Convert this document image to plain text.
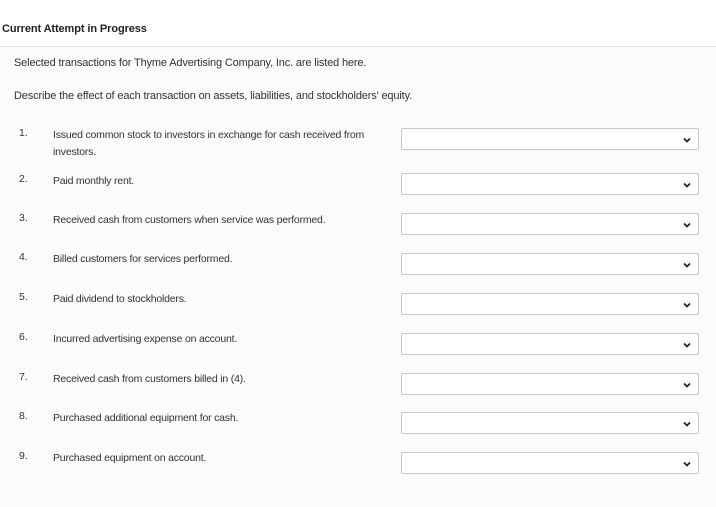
Current Attempt in Progress
Selected transactions for Thyme Advertising Company, Inc. are listed here.
Describe the effect of each transaction on assets, liabilities, and stockholders' equity.
1. Issued common stock to investors in exchange for cash received from investors.
2. Paid monthly rent.
3. Received cash from customers when service was performed.
4. Billed customers for services performed.
5. Paid dividend to stockholders.
6. Incurred advertising expense on account.
7. Received cash from customers billed in (4).
8. Purchased additional equipment for cash.
9. Purchased equipment on account.
